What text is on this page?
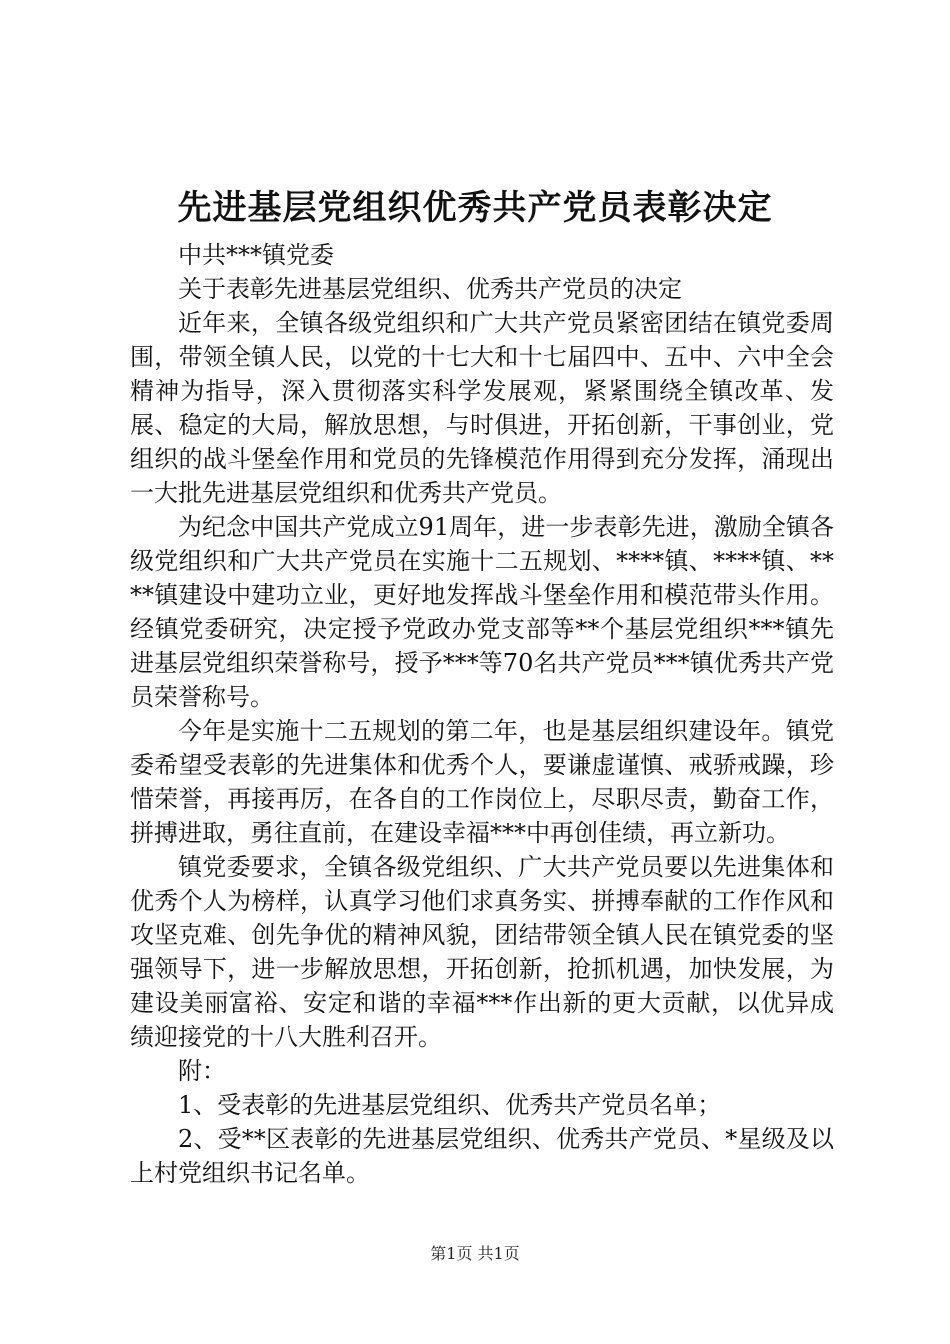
先进基层党组织优秀共产党员表彰决定

中共***镇党委

关于表彰先进基层党组织、优秀共产党员的决定

近年来，全镇各级党组织和广大共产党员紧密团结在镇党委周围，带领全镇人民，以党的十七大和十七届四中、五中、六中全会精神为指导，深入贯彻落实科学发展观，紧紧围绕全镇改革、发展、稳定的大局，解放思想，与时俱进，开拓创新，干事创业，党组织的战斗堡垒作用和党员的先锋模范作用得到充分发挥，涌现出一大批先进基层党组织和优秀共产党员。

为纪念中国共产党成立91周年，进一步表彰先进，激励全镇各级党组织和广大共产党员在实施十二五规划、****镇、****镇、****镇建设中建功立业，更好地发挥战斗堡垒作用和模范带头作用。经镇党委研究，决定授予党政办党支部等**个基层党组织***镇先进基层党组织荣誉称号，授予***等70名共产党员***镇优秀共产党员荣誉称号。

今年是实施十二五规划的第二年，也是基层组织建设年。镇党委希望受表彰的先进集体和优秀个人，要谦虚谨慎、戒骄戒躁，珍惜荣誉，再接再厉，在各自的工作岗位上，尽职尽责，勤奋工作，拼搏进取，勇往直前，在建设幸福***中再创佳绩，再立新功。

镇党委要求，全镇各级党组织、广大共产党员要以先进集体和优秀个人为榜样，认真学习他们求真务实、拼搏奉献的工作作风和攻坚克难、创先争优的精神风貌，团结带领全镇人民在镇党委的坚强领导下，进一步解放思想，开拓创新，抢抓机遇，加快发展，为建设美丽富裕、安定和谐的幸福***作出新的更大贡献，以优异成绩迎接党的十八大胜利召开。

附：

1、受表彰的先进基层党组织、优秀共产党员名单；

2、受**区表彰的先进基层党组织、优秀共产党员、*星级及以上村党组织书记名单。

第1页 共1页
